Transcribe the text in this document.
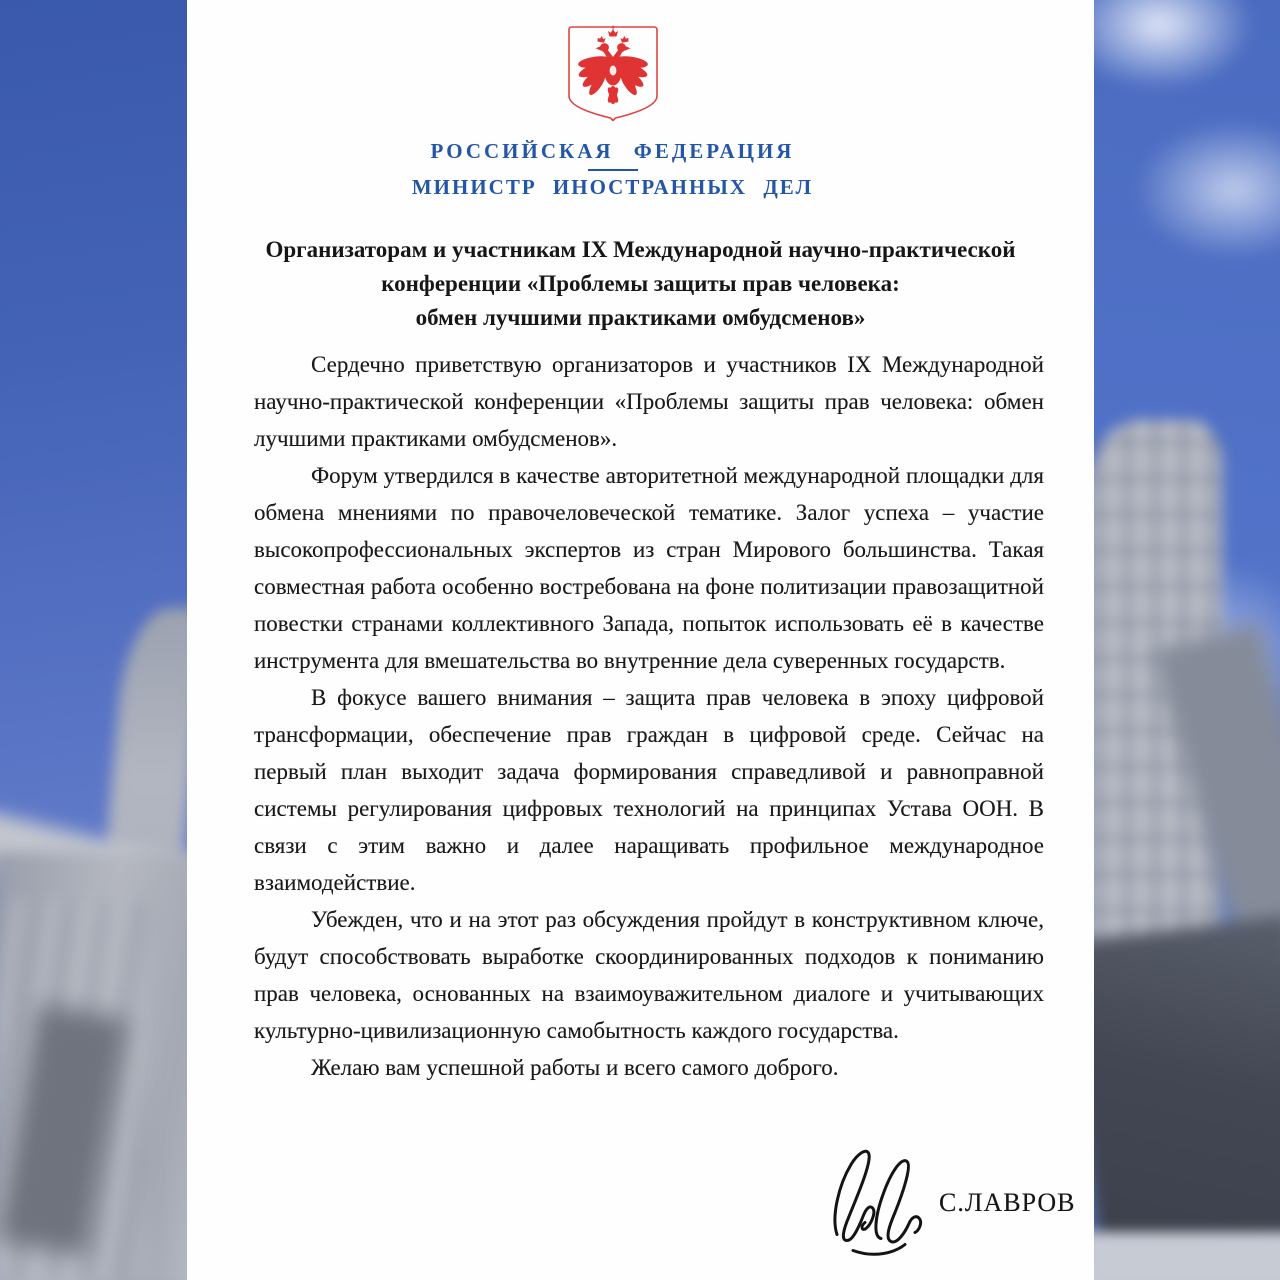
РОССИЙСКАЯ ФЕДЕРАЦИЯ
МИНИСТР ИНОСТРАННЫХ ДЕЛ
Организаторам и участникам IX Международной научно-практической
конференции «Проблемы защиты прав человека:
обмен лучшими практиками омбудсменов»

Сердечно приветствую организаторов и участников IX Международной научно-практической конференции «Проблемы защиты прав человека: обмен лучшими практиками омбудсменов».

Форум утвердился в качестве авторитетной международной площадки для обмена мнениями по правочеловеческой тематике. Залог успеха – участие высокопрофессиональных экспертов из стран Мирового большинства. Такая совместная работа особенно востребована на фоне политизации правозащитной повестки странами коллективного Запада, попыток использовать её в качестве инструмента для вмешательства во внутренние дела суверенных государств.

В фокусе вашего внимания – защита прав человека в эпоху цифровой трансформации, обеспечение прав граждан в цифровой среде. Сейчас на первый план выходит задача формирования справедливой и равноправной системы регулирования цифровых технологий на принципах Устава ООН. В связи с этим важно и далее наращивать профильное международное взаимодействие.

Убежден, что и на этот раз обсуждения пройдут в конструктивном ключе, будут способствовать выработке скоординированных подходов к пониманию прав человека, основанных на взаимоуважительном диалоге и учитывающих культурно-цивилизационную самобытность каждого государства.

Желаю вам успешной работы и всего самого доброго.

С.ЛАВРОВ
